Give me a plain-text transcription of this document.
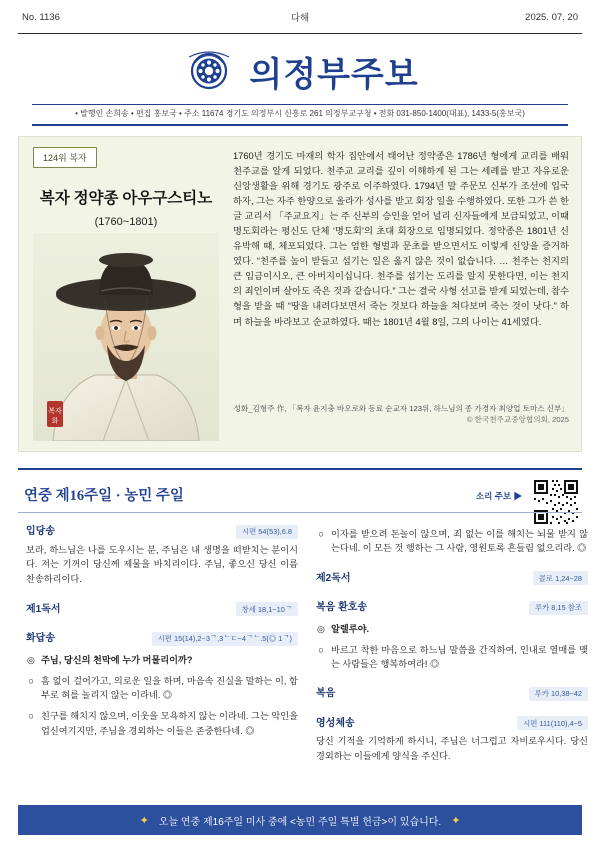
No. 1136	다해	2025. 07. 20
의정부주보
• 발행인 손희송 • 편집 홍보국 • 주소 11674 경기도 의정부시 신흥로 261 의정부교구청 • 전화 031-850-1400(대표), 1433-5(홍보국)
124위 복자
복자 정약종 아우구스티노
(1760~1801)
복자
화

1760년 경기도 마재의 학자 집안에서 태어난 정약종은 1786년 형에게 교리를 배워 천주교를 알게 되었다. 천주교 교리를 깊이 이해하게 된 그는 세례를 받고 자유로운 신앙생활을 위해 경기도 광주로 이주하였다. 1794년 말 주문모 신부가 조선에 입국하자, 그는 자주 한양으로 올라가 성사를 받고 회장 일을 수행하였다. 또한 그가 쓴 한글 교리서 「주교요지」는 주 신부의 승인을 얻어 널리 신자들에게 보급되었고, 이때 명도회라는 평신도 단체 ‘명도회’의 초대 회장으로 임명되었다. 정약종은 1801년 신유박해 때, 체포되었다. 그는 엄한 형벌과 문초를 받으면서도 이렇게 신앙을 증거하였다. “천주를 높이 받들고 섬기는 일은 옳지 않은 것이 없습니다. … 천주는 천지의 큰 임금이시오, 큰 아버지이십니다. 천주를 섬기는 도리를 알지 못한다면, 이는 천지의 죄인이며 살아도 죽은 것과 같습니다.” 그는 결국 사형 선고를 받게 되었는데, 참수형을 받을 때 “땅을 내려다보면서 죽는 것보다 하늘을 쳐다보며 죽는 것이 낫다.” 하며 하늘을 바라보고 순교하였다. 때는 1801년 4월 8일, 그의 나이는 41세였다.

성화_김형주 作, 「복자 윤지충 바오로와 동료 순교자 123위, 하느님의 종 가경자 최양업 토마스 신부」
© 한국천주교중앙협의회, 2025
연중 제16주일 · 농민 주일	소리 주보 ▶
입당송	시편 54(53),6.8
보라, 하느님은 나를 도우시는 분, 주님은 내 생명을 떠받치는 분이시다. 저는 기꺼이 당신께 제물을 바치리이다. 주님, 좋으신 당신 이름 찬송하리이다.
제1독서	창세 18,1~10ᄀ
화답송	시편 15(14),2~3ᄀ,3ᄂㄷ~4ᄀᄂ.5(◎ 1ᄀ)
◎ 주님, 당신의 천막에 누가 머물리이까?
○ 흠 없이 걸어가고, 의로운 일을 하며, 마음속 진실을 말하는 이, 함부로 혀를 놀리지 않는 이라네. ◎
○ 친구를 해치지 않으며, 이웃을 모욕하지 않는 이라네. 그는 악인을 업신여기지만, 주님을 경외하는 이들은 존중한다네. ◎
○ 이자를 받으려 돈놀이 않으며, 죄 없는 이를 해치는 뇌물 받지 않는다네. 이 모든 것 행하는 그 사람, 영원토록 흔들림 없으리라. ◎
제2독서	콜로 1,24~28
복음 환호송	루카 8,15 참조
◎ 알렐루야.
○ 바르고 착한 마음으로 하느님 말씀을 간직하여, 인내로 열매를 맺는 사람들은 행복하여라! ◎
복음	루카 10,38~42
영성체송	시편 111(110),4~5
당신 기적을 기억하게 하시니, 주님은 너그럽고 자비로우시다. 당신 경외하는 이들에게 양식을 주신다.
✦ 오늘 연중 제16주일 미사 중에 <농민 주일 특별 헌금>이 있습니다. ✦
